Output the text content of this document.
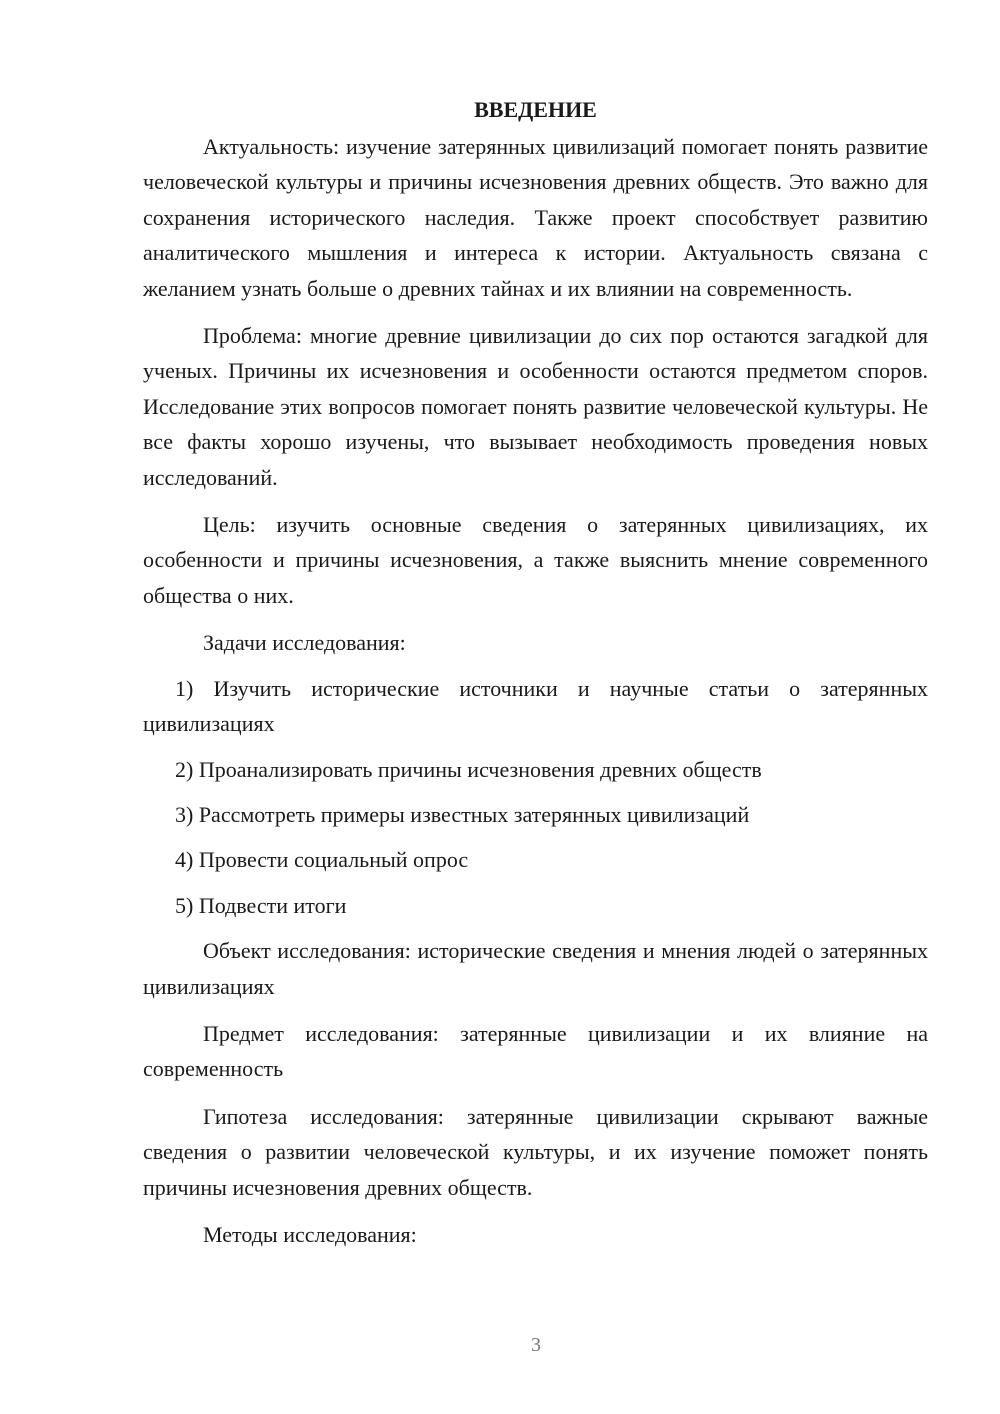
ВВЕДЕНИЕ

Актуальность: изучение затерянных цивилизаций помогает понять развитие человеческой культуры и причины исчезновения древних обществ. Это важно для сохранения исторического наследия. Также проект способствует развитию аналитического мышления и интереса к истории. Актуальность связана с желанием узнать больше о древних тайнах и их влиянии на современность.

Проблема: многие древние цивилизации до сих пор остаются загадкой для ученых. Причины их исчезновения и особенности остаются предметом споров. Исследование этих вопросов помогает понять развитие человеческой культуры. Не все факты хорошо изучены, что вызывает необходимость проведения новых исследований.

Цель: изучить основные сведения о затерянных цивилизациях, их особенности и причины исчезновения, а также выяснить мнение современного общества о них.

Задачи исследования:

1) Изучить исторические источники и научные статьи о затерянных цивилизациях

2) Проанализировать причины исчезновения древних обществ

3) Рассмотреть примеры известных затерянных цивилизаций

4) Провести социальный опрос

5) Подвести итоги

Объект исследования: исторические сведения и мнения людей о затерянных цивилизациях

Предмет исследования: затерянные цивилизации и их влияние на современность

Гипотеза исследования: затерянные цивилизации скрывают важные сведения о развитии человеческой культуры, и их изучение поможет понять причины исчезновения древних обществ.

Методы исследования:

3
